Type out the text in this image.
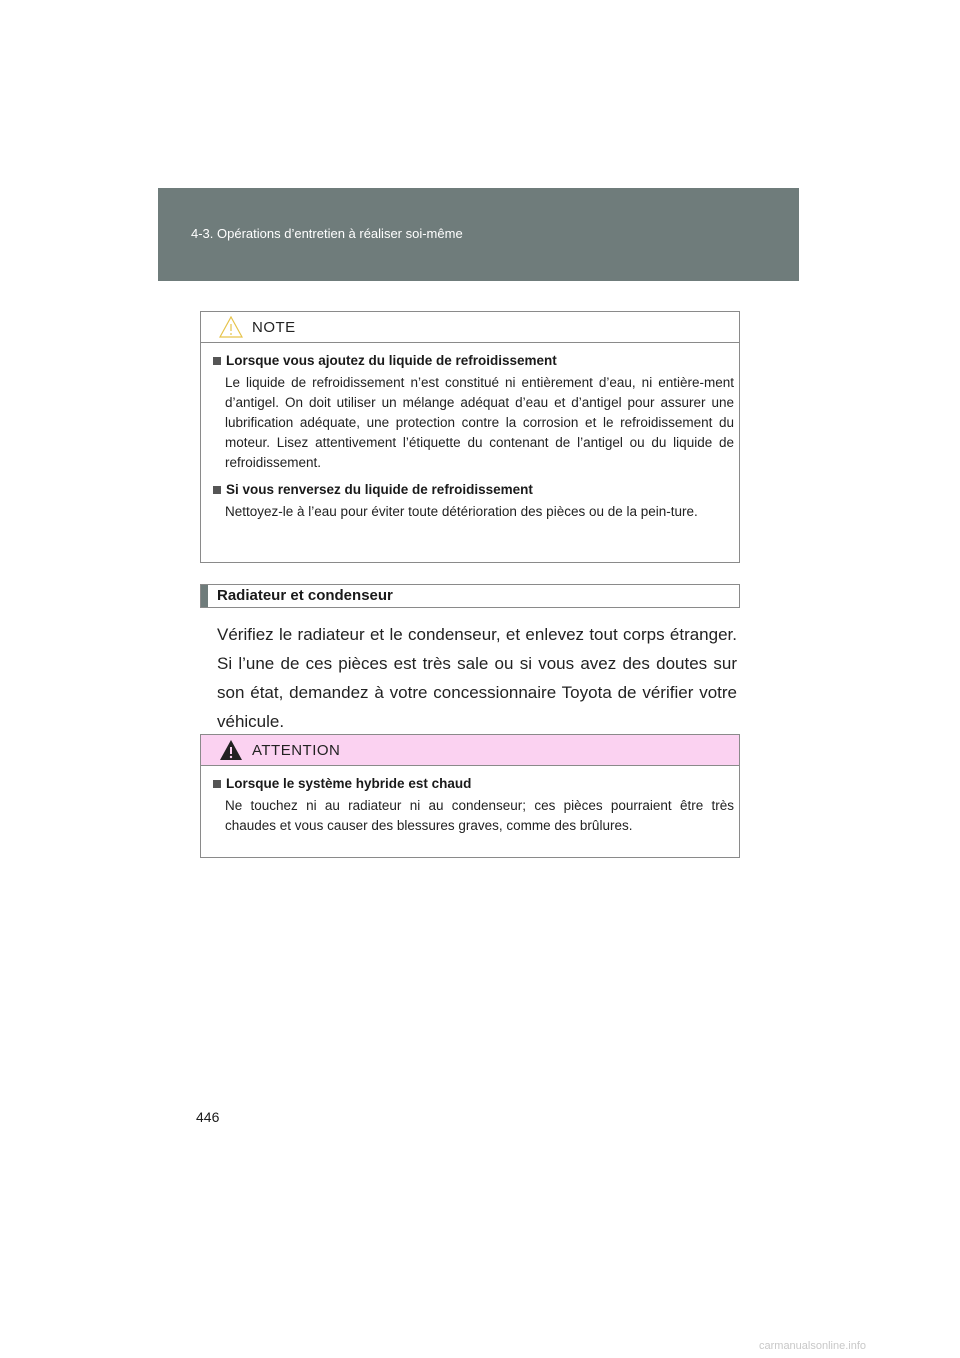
4-3. Opérations d’entretien à réaliser soi-même
NOTE
Lorsque vous ajoutez du liquide de refroidissement
Le liquide de refroidissement n’est constitué ni entièrement d’eau, ni entière-ment d’antigel. On doit utiliser un mélange adéquat d’eau et d’antigel pour assurer une lubrification adéquate, une protection contre la corrosion et le refroidissement du moteur. Lisez attentivement l’étiquette du contenant de l’antigel ou du liquide de refroidissement.
Si vous renversez du liquide de refroidissement
Nettoyez-le à l’eau pour éviter toute détérioration des pièces ou de la pein-ture.
Radiateur et condenseur
Vérifiez le radiateur et le condenseur, et enlevez tout corps étranger. Si l’une de ces pièces est très sale ou si vous avez des doutes sur son état, demandez à votre concessionnaire Toyota de vérifier votre véhicule.
ATTENTION
Lorsque le système hybride est chaud
Ne touchez ni au radiateur ni au condenseur; ces pièces pourraient être très chaudes et vous causer des blessures graves, comme des brûlures.
446
carmanualsonline.info
